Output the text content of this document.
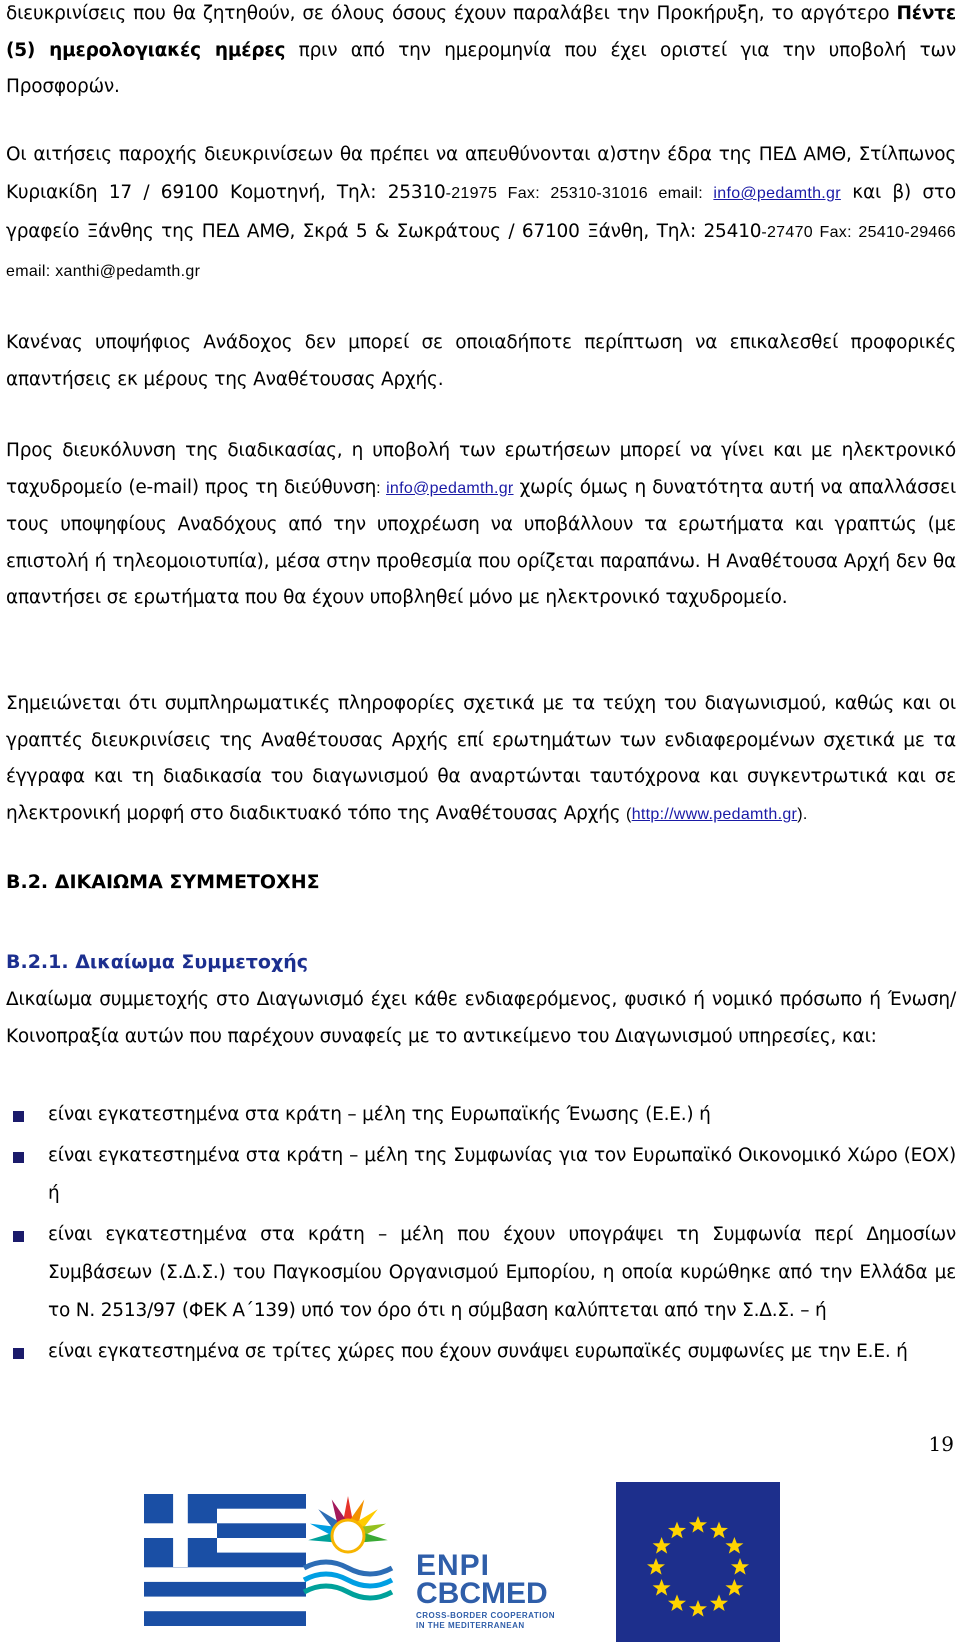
διευκρινίσεις που θα ζητηθούν, σε όλους όσους έχουν παραλάβει την Προκήρυξη, το αργότερο Πέντε (5) ημερολογιακές ημέρες πριν από την ημερομηνία που έχει οριστεί για την υποβολή των Προσφορών.

Οι αιτήσεις παροχής διευκρινίσεων θα πρέπει να απευθύνονται α)στην έδρα της ΠΕΔ ΑΜΘ, Στίλπωνος Κυριακίδη 17 / 69100 Κομοτηνή, Τηλ: 25310-21975 Fax: 25310-31016 email: info@pedamth.gr και β) στο γραφείο Ξάνθης της ΠΕΔ ΑΜΘ, Σκρά 5 & Σωκράτους / 67100 Ξάνθη, Τηλ: 25410-27470 Fax: 25410-29466 email: xanthi@pedamth.gr

Κανένας υποψήφιος Ανάδοχος δεν μπορεί σε οποιαδήποτε περίπτωση να επικαλεσθεί προφορικές απαντήσεις εκ μέρους της Αναθέτουσας Αρχής.

Προς διευκόλυνση της διαδικασίας, η υποβολή των ερωτήσεων μπορεί να γίνει και με ηλεκτρονικό ταχυδρομείο (e-mail) προς τη διεύθυνση: info@pedamth.gr χωρίς όμως η δυνατότητα αυτή να απαλλάσσει τους υποψηφίους Αναδόχους από την υποχρέωση να υποβάλλουν τα ερωτήματα και γραπτώς (με επιστολή ή τηλεομοιοτυπία), μέσα στην προθεσμία που ορίζεται παραπάνω. Η Αναθέτουσα Αρχή δεν θα απαντήσει σε ερωτήματα που θα έχουν υποβληθεί μόνο με ηλεκτρονικό ταχυδρομείο.

Σημειώνεται ότι συμπληρωματικές πληροφορίες σχετικά με τα τεύχη του διαγωνισμού, καθώς και οι γραπτές διευκρινίσεις της Αναθέτουσας Αρχής επί ερωτημάτων των ενδιαφερομένων σχετικά με τα έγγραφα και τη διαδικασία του διαγωνισμού θα αναρτώνται ταυτόχρονα και συγκεντρωτικά και σε ηλεκτρονική μορφή στο διαδικτυακό τόπο της Αναθέτουσας Αρχής (http://www.pedamth.gr).

Β.2. ΔΙΚΑΙΩΜΑ ΣΥΜΜΕΤΟΧΗΣ
Β.2.1. Δικαίωμα Συμμετοχής

Δικαίωμα συμμετοχής στο Διαγωνισμό έχει κάθε ενδιαφερόμενος, φυσικό ή νομικό πρόσωπο ή Ένωση/Κοινοπραξία αυτών που παρέχουν συναφείς με το αντικείμενο του Διαγωνισμού υπηρεσίες, και:

είναι εγκατεστημένα στα κράτη – μέλη της Ευρωπαϊκής Ένωσης (Ε.Ε.) ή
είναι εγκατεστημένα στα κράτη – μέλη της Συμφωνίας για τον Ευρωπαϊκό Οικονομικό Χώρο (ΕΟΧ) ή
είναι εγκατεστημένα στα κράτη – μέλη που έχουν υπογράψει τη Συμφωνία περί Δημοσίων Συμβάσεων (Σ.Δ.Σ.) του Παγκοσμίου Οργανισμού Εμπορίου, η οποία κυρώθηκε από την Ελλάδα με το Ν. 2513/97 (ΦΕΚ Α΄139) υπό τον όρο ότι η σύμβαση καλύπτεται από την Σ.Δ.Σ. – ή
είναι εγκατεστημένα σε τρίτες χώρες που έχουν συνάψει ευρωπαϊκές συμφωνίες με την Ε.Ε. ή
19
ENPI
CBCMED
CROSS-BORDER COOPERATION
IN THE MEDITERRANEAN
